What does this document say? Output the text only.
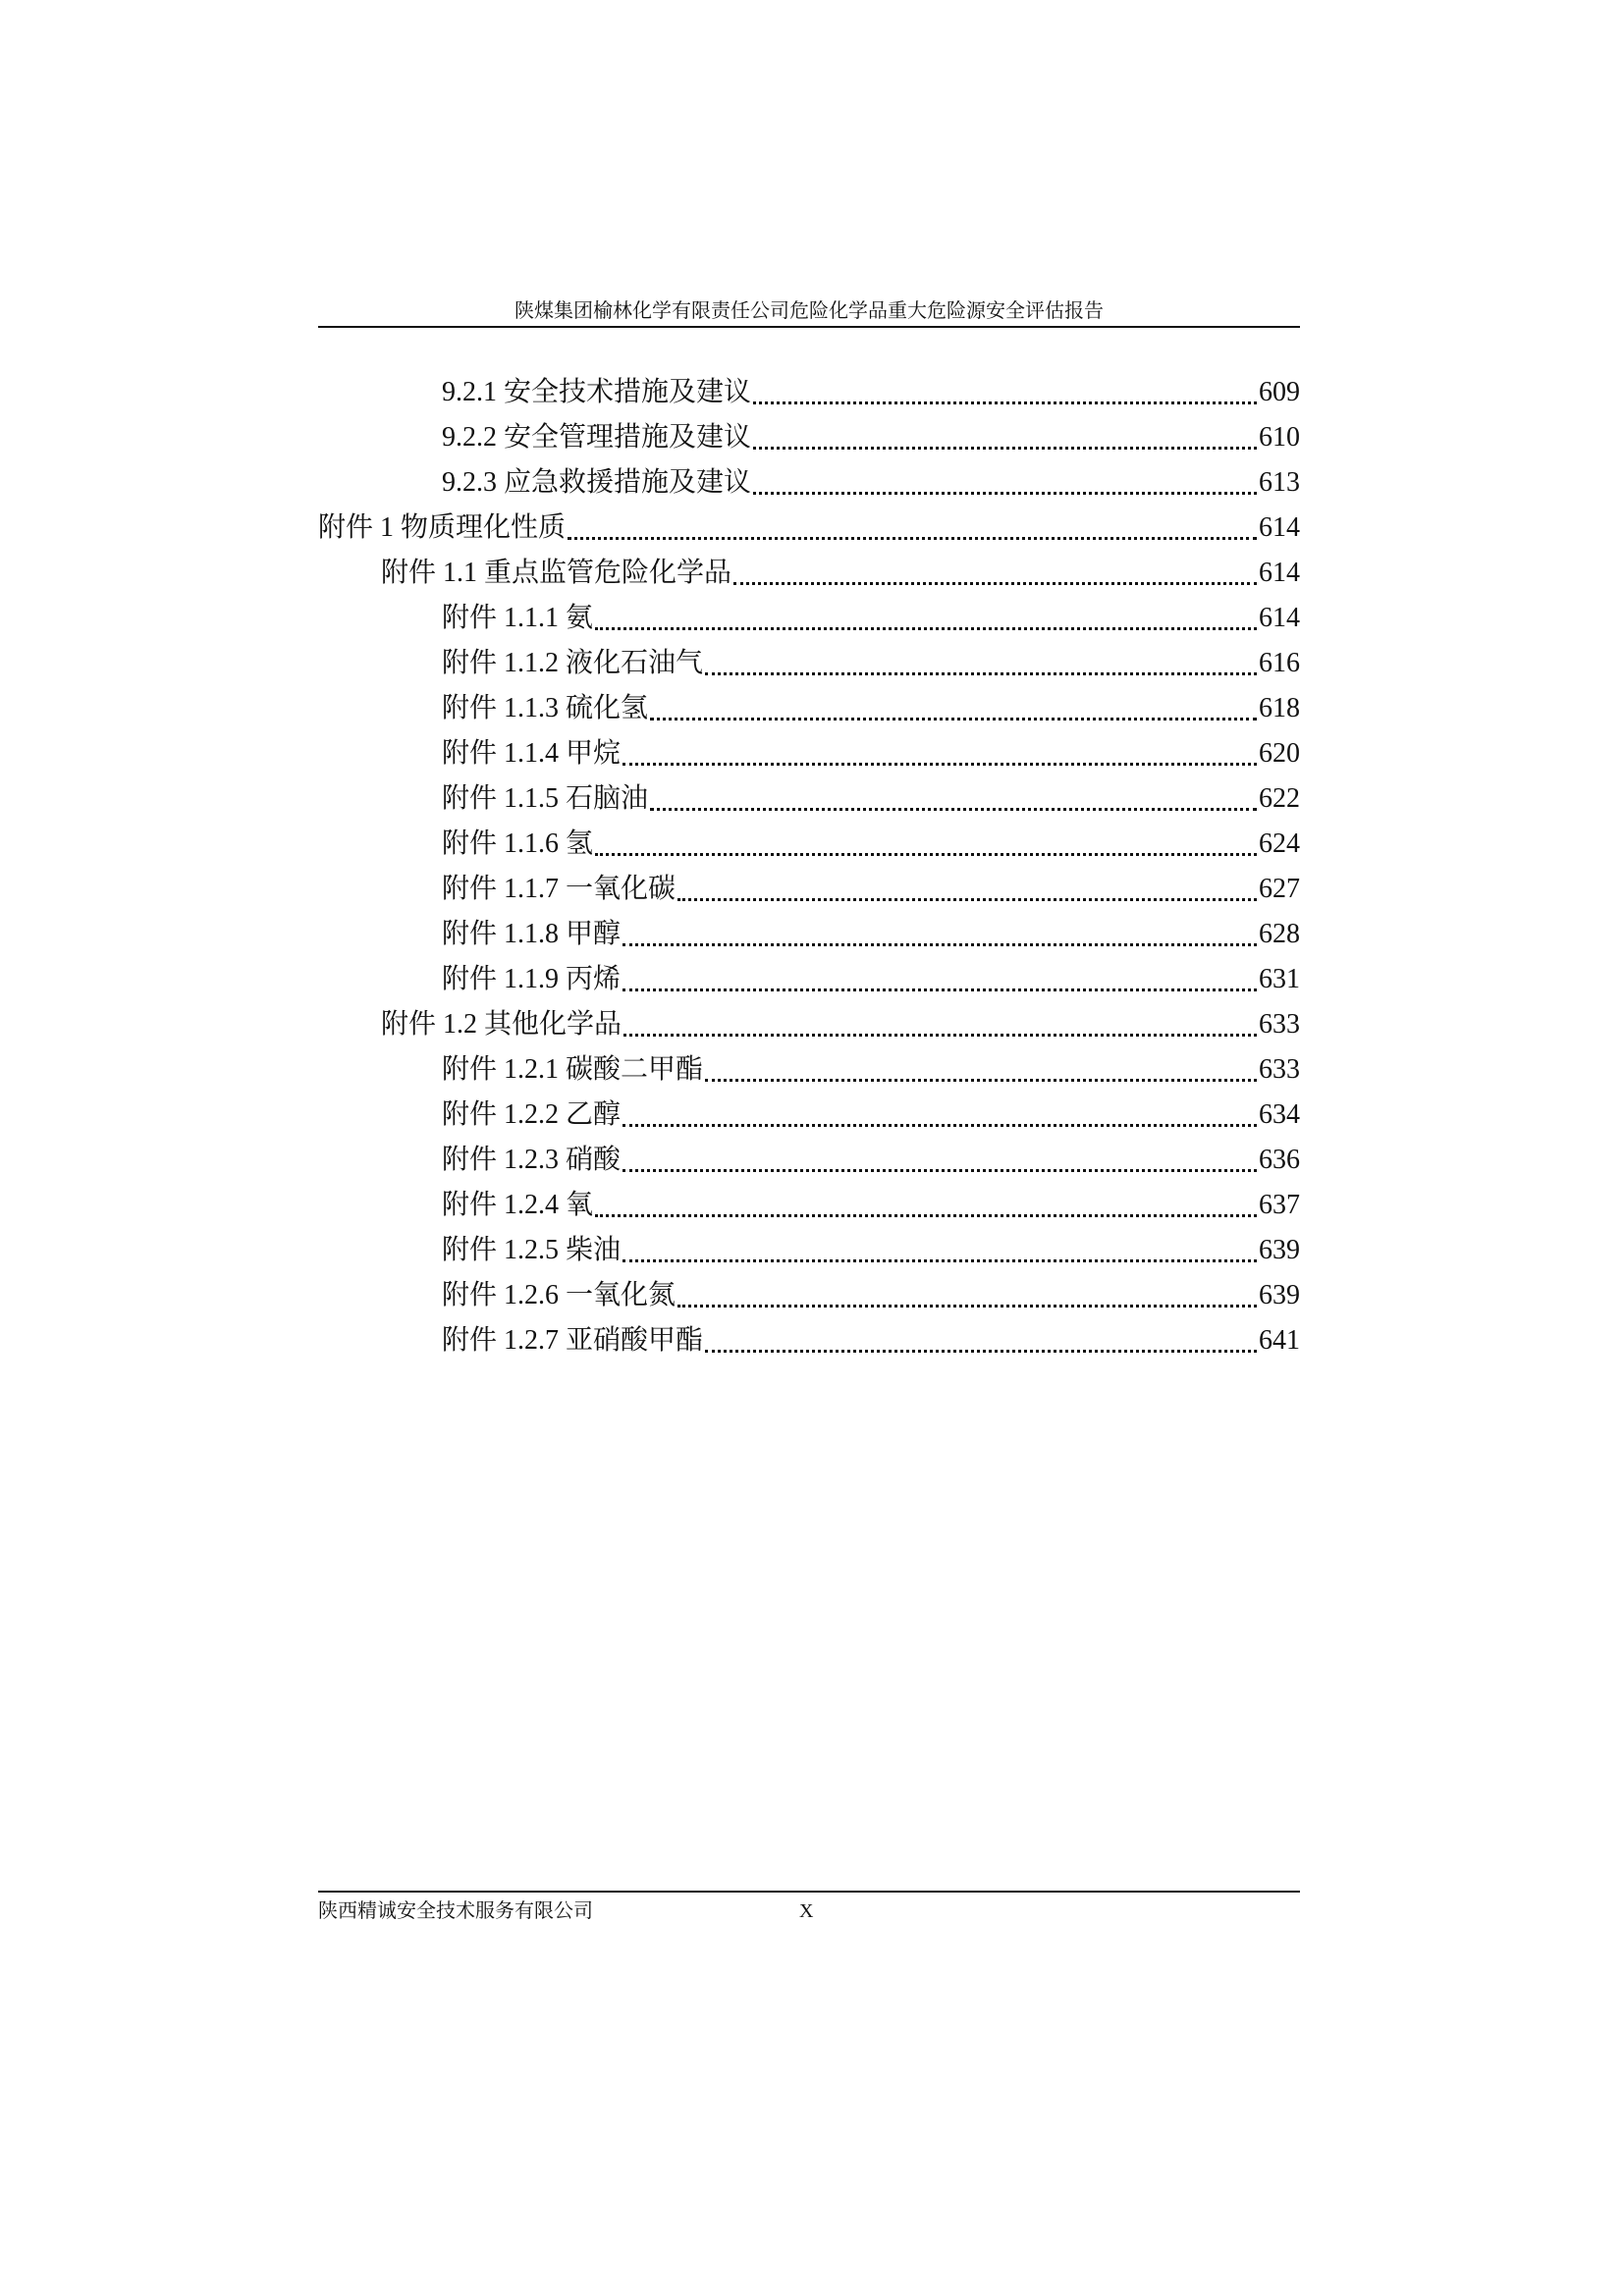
陕煤集团榆林化学有限责任公司危险化学品重大危险源安全评估报告
9.2.1 安全技术措施及建议	609
9.2.2 安全管理措施及建议	610
9.2.3 应急救援措施及建议	613
附件 1 物质理化性质	614
附件 1.1 重点监管危险化学品	614
附件 1.1.1 氨	614
附件 1.1.2 液化石油气	616
附件 1.1.3 硫化氢	618
附件 1.1.4 甲烷	620
附件 1.1.5 石脑油	622
附件 1.1.6 氢	624
附件 1.1.7 一氧化碳	627
附件 1.1.8 甲醇	628
附件 1.1.9 丙烯	631
附件 1.2 其他化学品	633
附件 1.2.1 碳酸二甲酯	633
附件 1.2.2 乙醇	634
附件 1.2.3 硝酸	636
附件 1.2.4 氧	637
附件 1.2.5 柴油	639
附件 1.2.6 一氧化氮	639
附件 1.2.7 亚硝酸甲酯	641
陕西精诚安全技术服务有限公司	X
